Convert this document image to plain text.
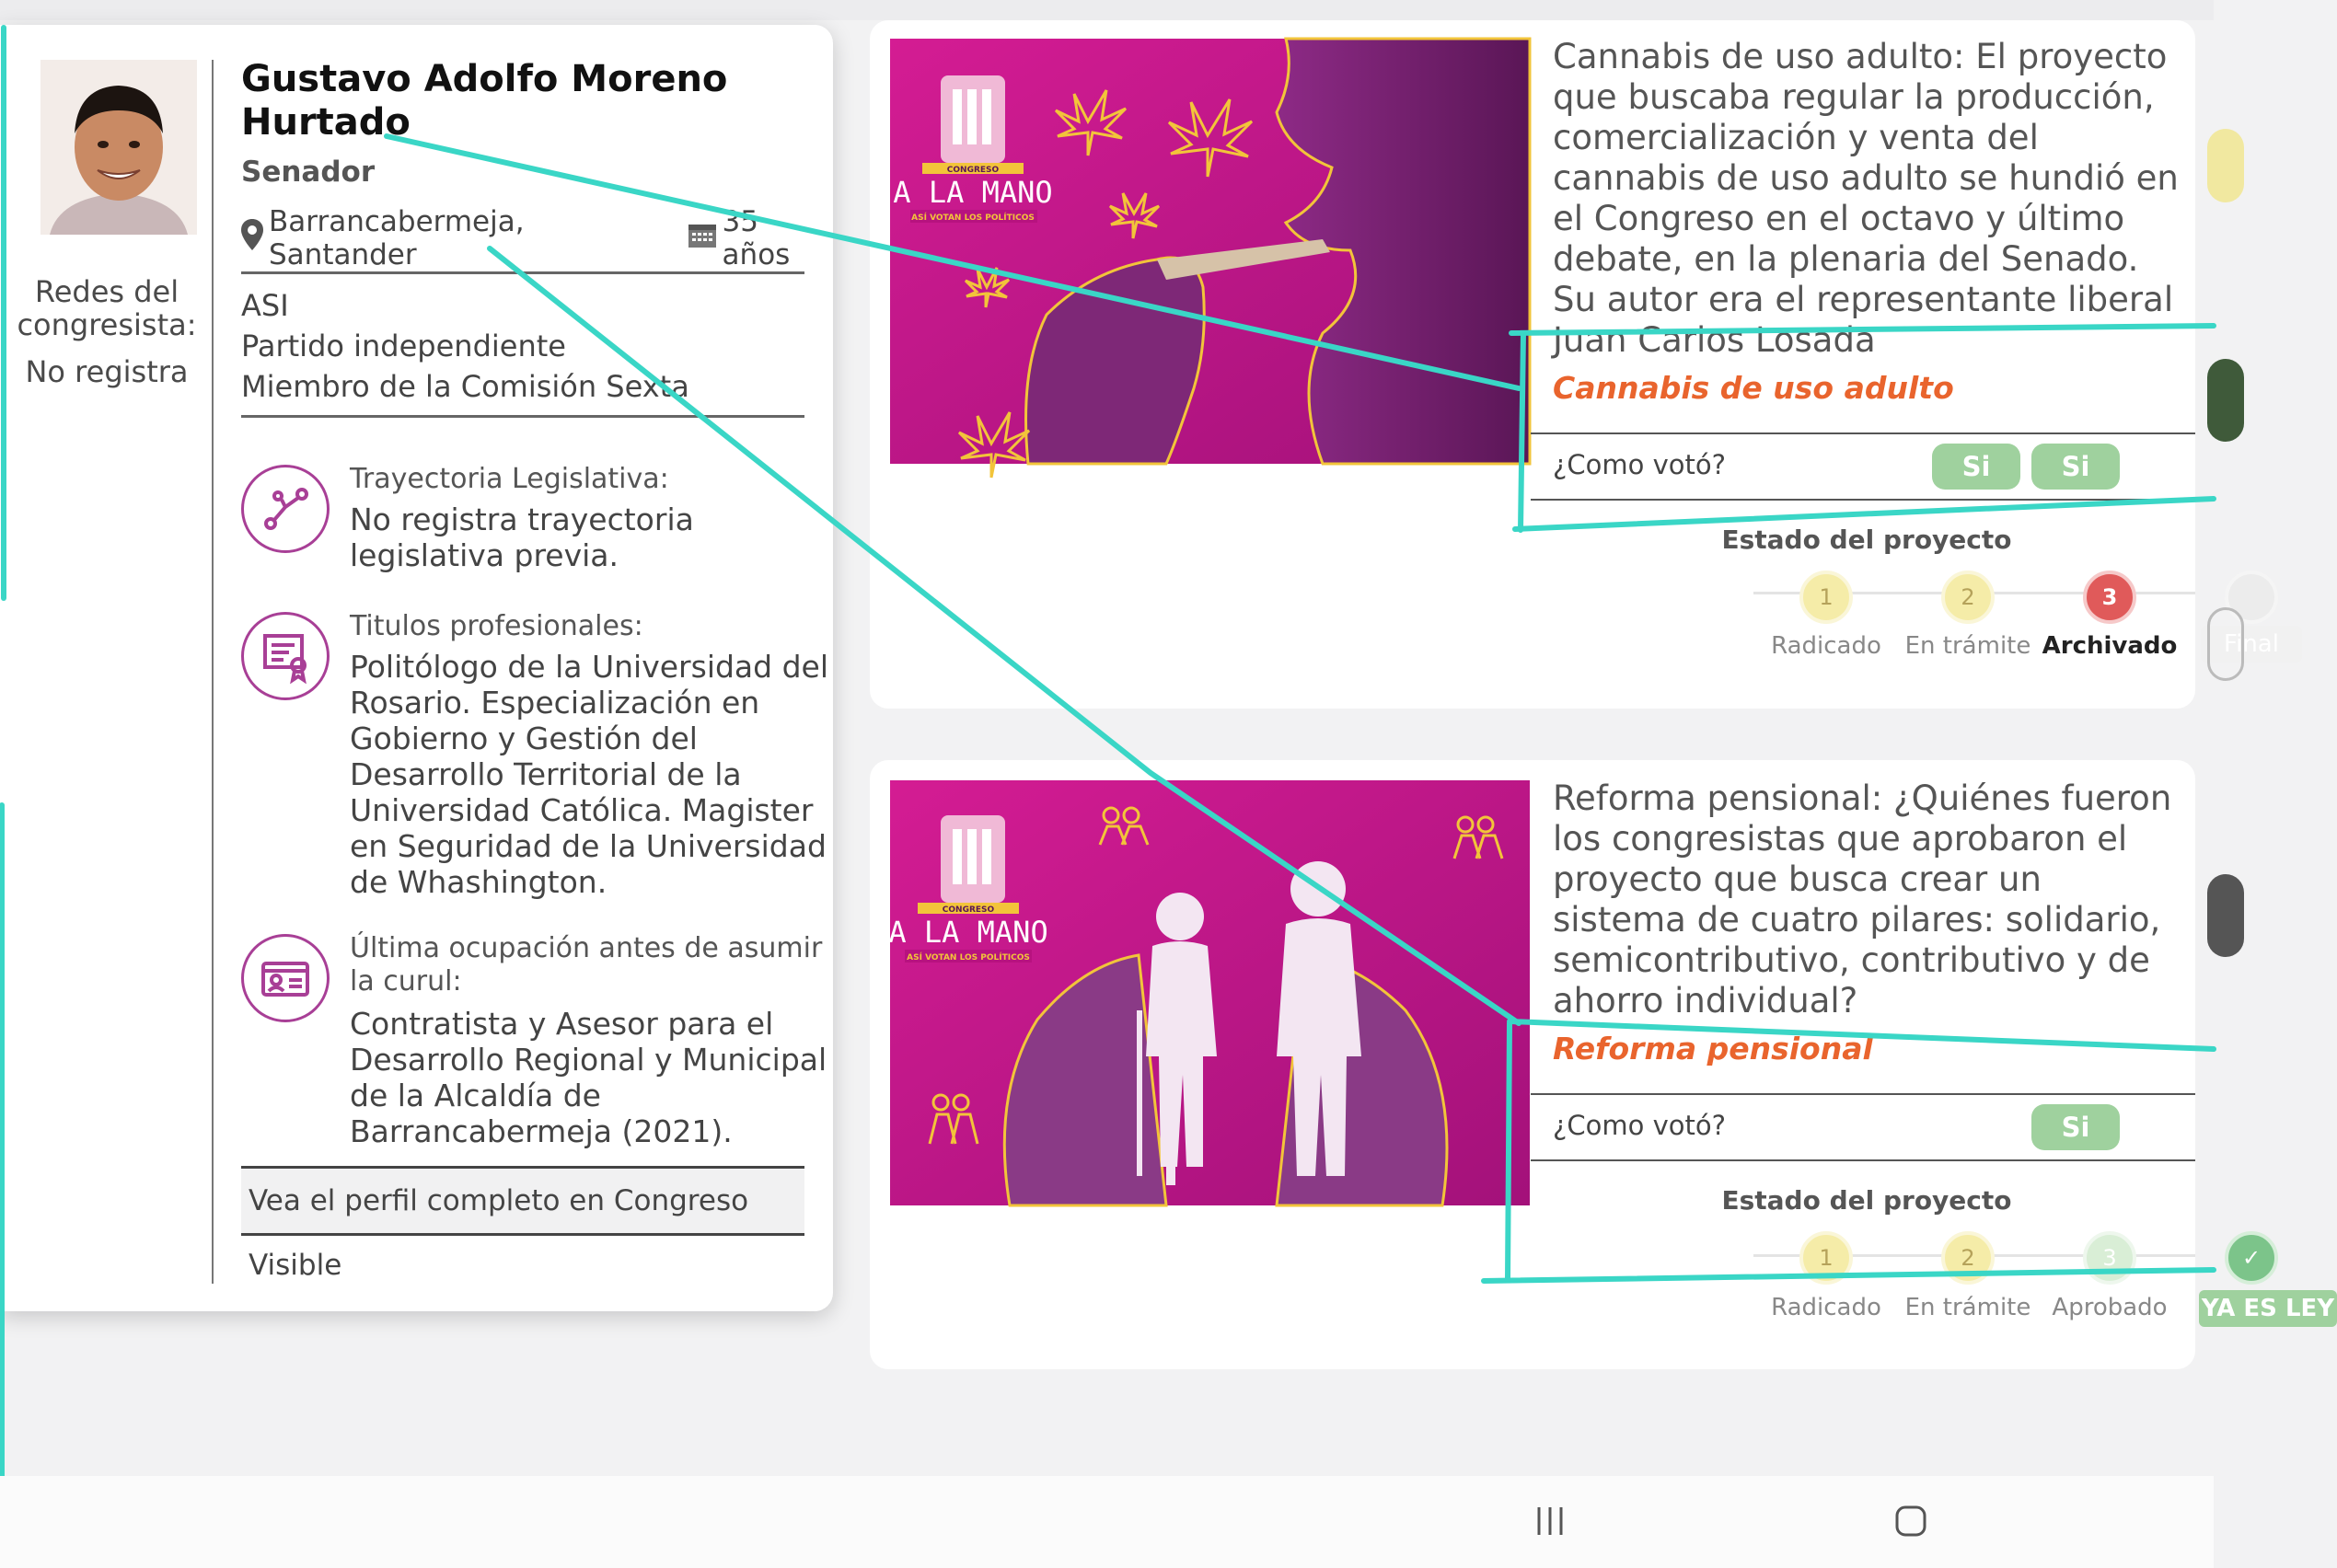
CONGRESO
A LA MANO
ASÍ VOTAN LOS POLÍTICOS
Cannabis de uso adulto: El proyecto que buscaba regular la producción, comercialización y venta del cannabis de uso adulto se hundió en el Congreso en el octavo y último debate, en la plenaria del Senado. Su autor era el representante liberal Juan Carlos Losada
Cannabis de uso adulto
¿Como votó?	Si	Si
Estado del proyecto
1	2	3
Radicado En trámite Archivado	Final
CONGRESO
A LA MANO
ASÍ VOTAN LOS POLÍTICOS
Reforma pensional: ¿Quiénes fueron los congresistas que aprobaron el proyecto que busca crear un sistema de cuatro pilares: solidario, semicontributivo, contributivo y de ahorro individual?
Reforma pensional
¿Como votó?	Si
Estado del proyecto
1	2	3	✓
Radicado En trámite Aprobado	YA ES LEY
Redes del congresista:
No registra
Gustavo Adolfo Moreno Hurtado
Senador
Barrancabermeja, Santander
35 años
ASI
Partido independiente
Miembro de la Comisión Sexta
Trayectoria Legislativa:
No registra trayectoria legislativa previa.
Titulos profesionales:
Politólogo de la Universidad del Rosario. Especialización en Gobierno y Gestión del Desarrollo Territorial de la Universidad Católica. Magister en Seguridad de la Universidad de Whashington.
Última ocupación antes de asumir la curul:
Contratista y Asesor para el Desarrollo Regional y Municipal de la Alcaldía de Barrancabermeja (2021).
Vea el perfil completo en Congreso Visible
